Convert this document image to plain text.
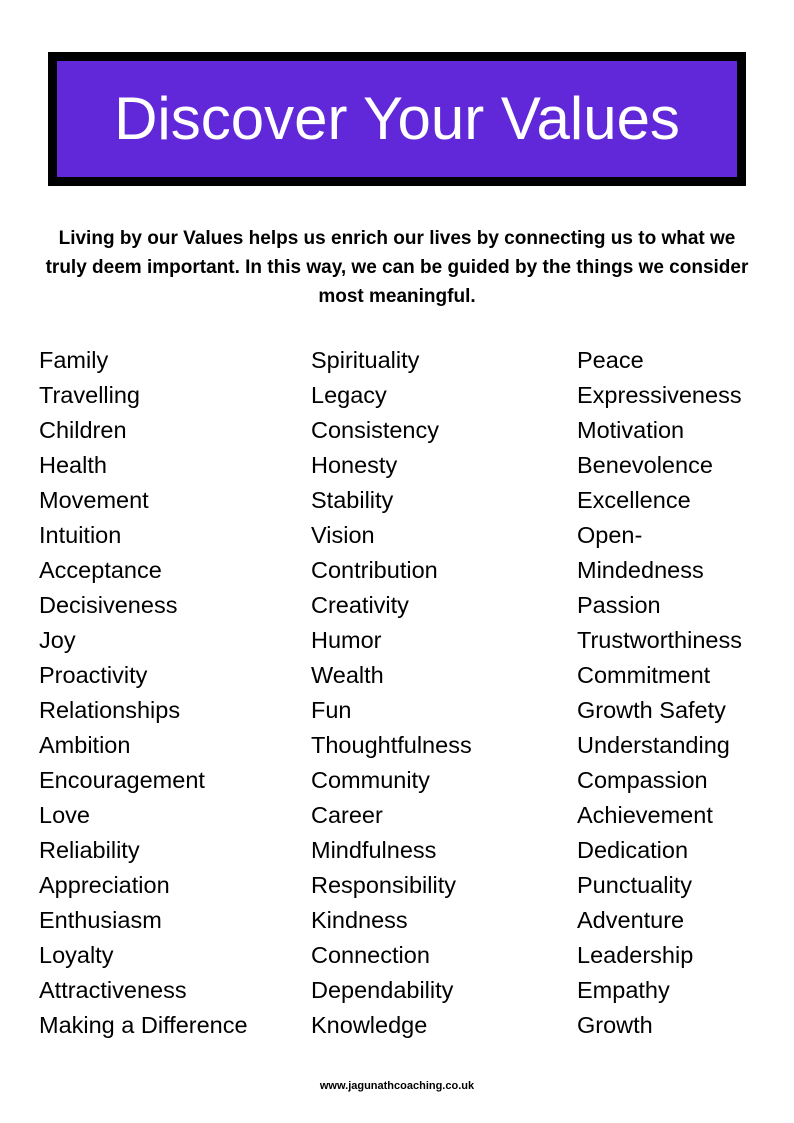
Discover Your Values
Living by our Values helps us enrich our lives by connecting us to what we truly deem important. In this way, we can be guided by the things we consider most meaningful.
Family
Travelling
Children
Health
Movement
Intuition
Acceptance
Decisiveness
Joy
Proactivity
Relationships
Ambition
Encouragement
Love
Reliability
Appreciation
Enthusiasm
Loyalty
Attractiveness
Making a Difference
Spirituality
Legacy
Consistency
Honesty
Stability
Vision
Contribution
Creativity
Humor
Wealth
Fun
Thoughtfulness
Community
Career
Mindfulness
Responsibility
Kindness
Connection
Dependability
Knowledge
Peace
Expressiveness
Motivation
Benevolence
Excellence
Open-
Mindedness
Passion
Trustworthiness
Commitment
Growth Safety
Understanding
Compassion
Achievement
Dedication
Punctuality
Adventure
Leadership
Empathy
Growth
www.jagunathcoaching.co.uk
